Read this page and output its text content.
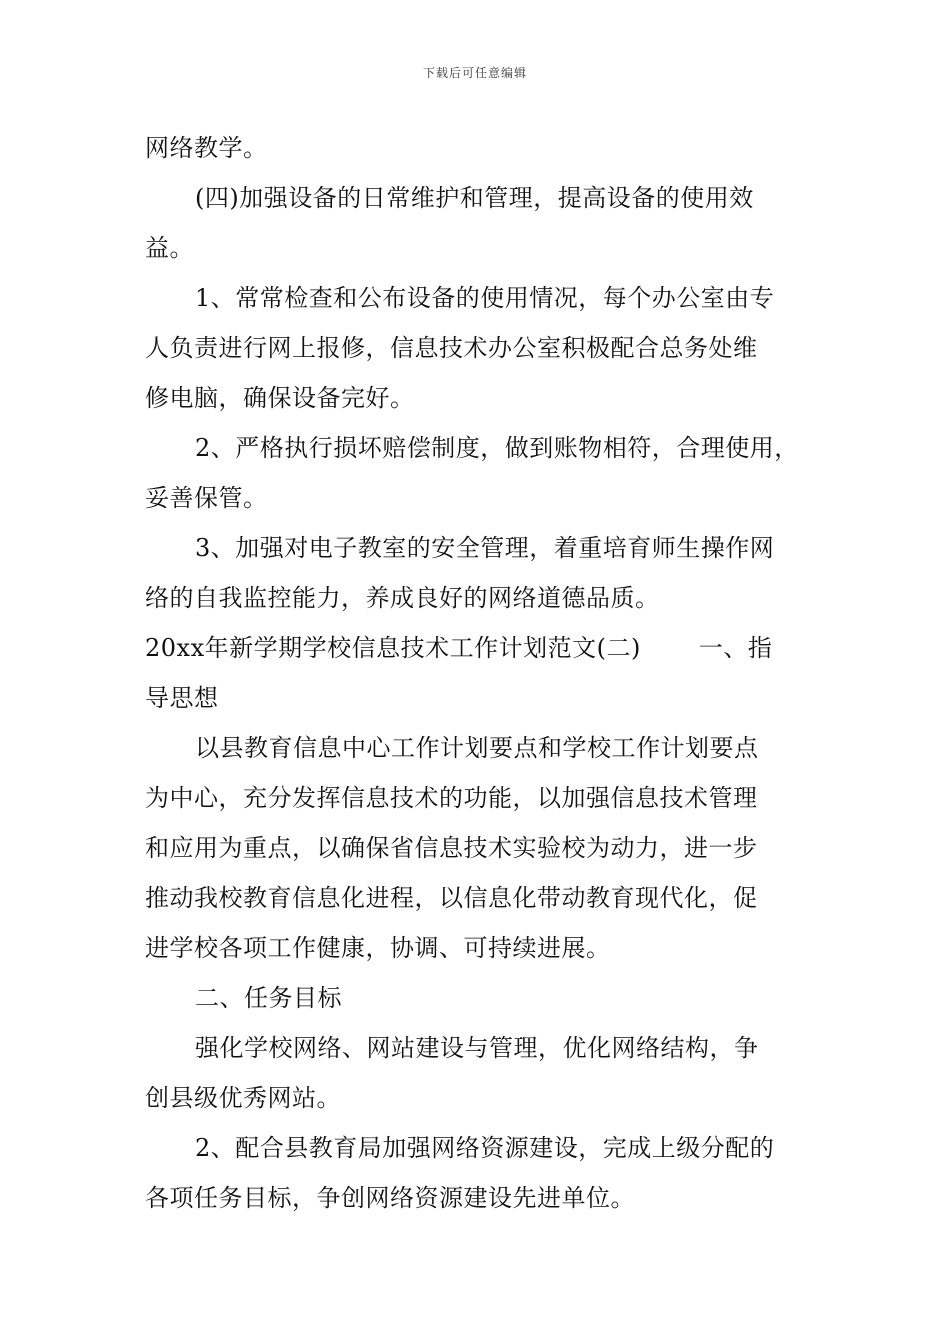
下载后可任意编辑
网络教学。
(四)加强设备的日常维护和管理，提高设备的使用效
益。
1、常常检查和公布设备的使用情况，每个办公室由专
人负责进行网上报修，信息技术办公室积极配合总务处维
修电脑，确保设备完好。
2、严格执行损坏赔偿制度，做到账物相符，合理使用，
妥善保管。
3、加强对电子教室的安全管理，着重培育师生操作网
络的自我监控能力，养成良好的网络道德品质。
20xx年新学期学校信息技术工作计划范文(二) 一、指
导思想
以县教育信息中心工作计划要点和学校工作计划要点
为中心，充分发挥信息技术的功能，以加强信息技术管理
和应用为重点，以确保省信息技术实验校为动力，进一步
推动我校教育信息化进程，以信息化带动教育现代化，促
进学校各项工作健康，协调、可持续进展。
二、任务目标
强化学校网络、网站建设与管理，优化网络结构，争
创县级优秀网站。
2、配合县教育局加强网络资源建设，完成上级分配的
各项任务目标，争创网络资源建设先进单位。
